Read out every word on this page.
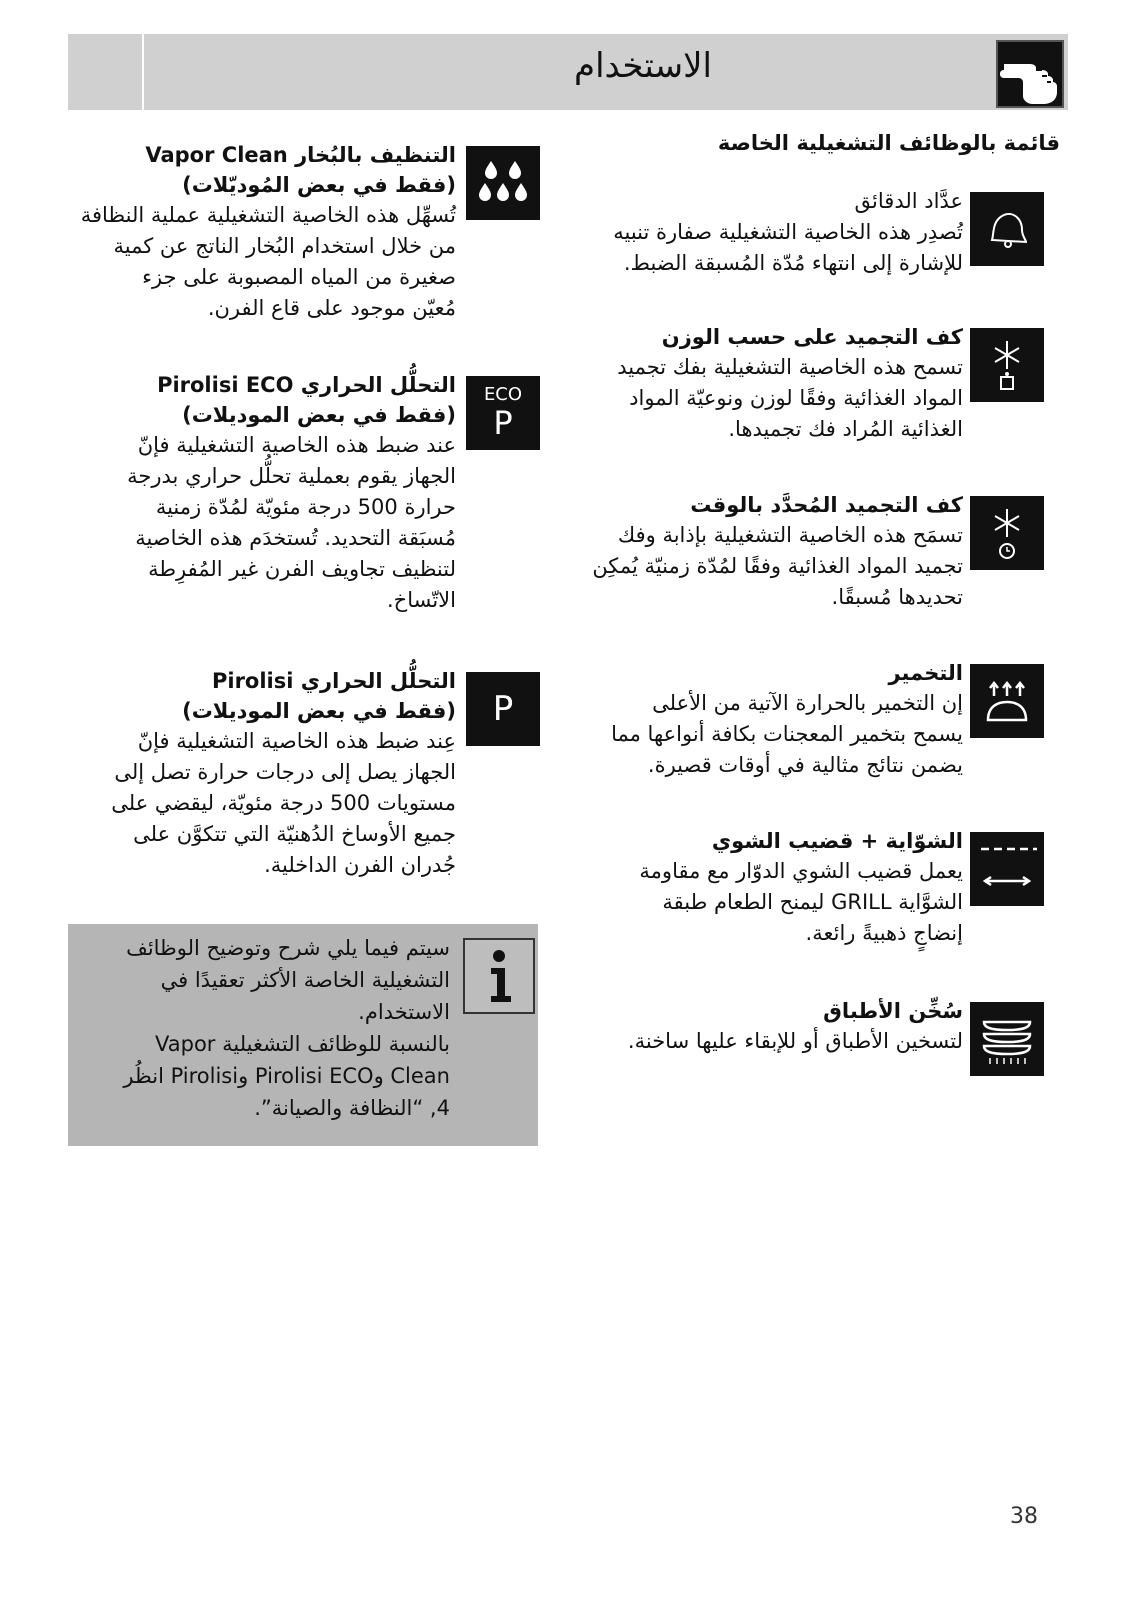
الاستخدام
قائمة بالوظائف التشغيلية الخاصة

عدَّاد الدقائق

تُصدِر هذه الخاصية التشغيلية صفارة تنبيه

للإشارة إلى انتهاء مُدّة المُسبقة الضبط.

كف التجميد على حسب الوزن

تسمح هذه الخاصية التشغيلية بفك تجميد

المواد الغذائية وفقًا لوزن ونوعيّة المواد

الغذائية المُراد فك تجميدها.

كف التجميد المُحدَّد بالوقت

تسمَح هذه الخاصية التشغيلية بإذابة وفك

تجميد المواد الغذائية وفقًا لمُدّة زمنيّة يُمكِن

تحديدها مُسبقًا.

التخمير

إن التخمير بالحرارة الآتية من الأعلى

يسمح بتخمير المعجنات بكافة أنواعها مما

يضمن نتائج مثالية في أوقات قصيرة.

الشوّاية + قضيب الشوي

يعمل قضيب الشوي الدوّار مع مقاومة

الشوَّاية GRILL ليمنح الطعام طبقة

إنضاجٍ ذهبيةً رائعة.

سُخِّن الأطباق

لتسخين الأطباق أو للإبقاء عليها ساخنة.

التنظيف بالبُخار Vapor Clean

(فقط في بعض المُوديّلات)

تُسهِّل هذه الخاصية التشغيلية عملية النظافة

من خلال استخدام البُخار الناتج عن كمية

صغيرة من المياه المصبوبة على جزء

مُعيّن موجود على قاع الفرن.

ECO
P
التحلُّل الحراري Pirolisi ECO

(فقط في بعض الموديلات)

عند ضبط هذه الخاصية التشغيلية فإنّ

الجهاز يقوم بعملية تحلُّل حراري بدرجة

حرارة 500 درجة مئويّة لمُدّة زمنية

مُسبَقة التحديد. تُستخدَم هذه الخاصية

لتنظيف تجاويف الفرن غير المُفرِطة

الاتّساخ.

P
التحلُّل الحراري Pirolisi

(فقط في بعض الموديلات)

عِند ضبط هذه الخاصية التشغيلية فإنّ

الجهاز يصل إلى درجات حرارة تصل إلى

مستويات 500 درجة مئويّة، ليقضي على

جميع الأوساخ الدُهنيّة التي تتكوَّن على

جُدران الفرن الداخلية.

سيتم فيما يلي شرح وتوضيح الوظائف

التشغيلية الخاصة الأكثر تعقيدًا في

الاستخدام.

بالنسبة للوظائف التشغيلية Vapor

Clean وPirolisi ECO وPirolisi انظُر

4, “النظافة والصيانة”.

38
